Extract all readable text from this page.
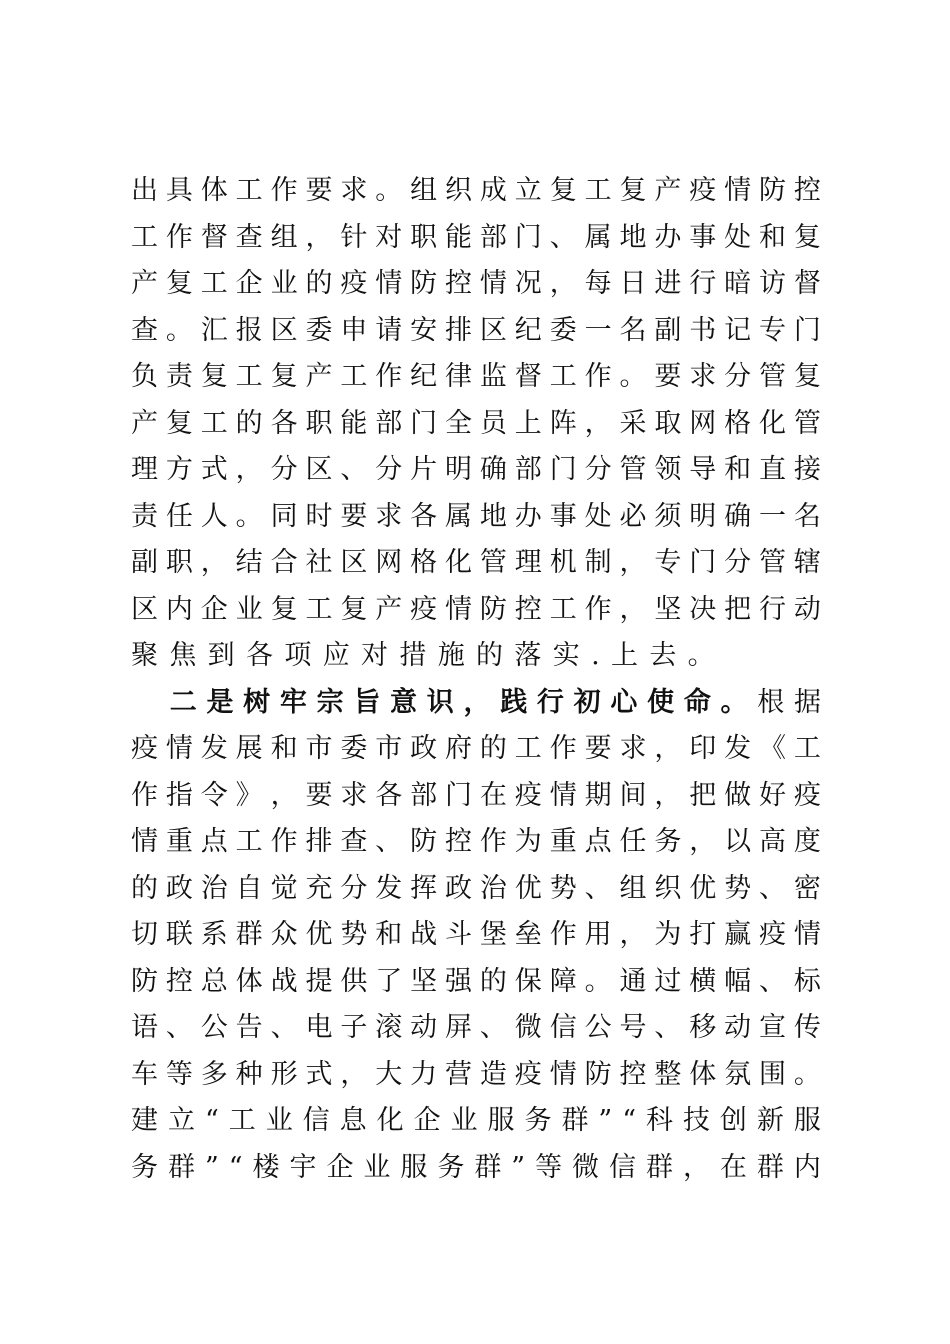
出 具 体 工 作 要 求 。 组 织 成 立 复 工 复 产 疫 情 防 控
工 作 督 查 组 ， 针 对 职 能 部 门 、 属 地 办 事 处 和 复
产 复 工 企 业 的 疫 情 防 控 情 况 ， 每 日 进 行 暗 访 督
查 。 汇 报 区 委 申 请 安 排 区 纪 委 一 名 副 书 记 专 门
负 责 复 工 复 产 工 作 纪 律 监 督 工 作 。 要 求 分 管 复
产 复 工 的 各 职 能 部 门 全 员 上 阵 ， 采 取 网 格 化 管
理 方 式 ， 分 区 、 分 片 明 确 部 门 分 管 领 导 和 直 接
责 任 人 。 同 时 要 求 各 属 地 办 事 处 必 须 明 确 一 名
副 职 ， 结 合 社 区 网 格 化 管 理 机 制 ， 专 门 分 管 辖
区 内 企 业 复 工 复 产 疫 情 防 控 工 作 ， 坚 决 把 行 动
聚焦到各项应对措施的落实.上去。
二是树牢宗旨意识，践行初心使命。 根据
疫 情 发 展 和 市 委 市 政 府 的 工 作 要 求 ， 印 发 《 工
作 指 令 》 ， 要 求 各 部 门 在 疫 情 期 间 ， 把 做 好 疫
情 重 点 工 作 排 查 、 防 控 作 为 重 点 任 务 ， 以 高 度
的 政 治 自 觉 充 分 发 挥 政 治 优 势 、 组 织 优 势 、 密
切 联 系 群 众 优 势 和 战 斗 堡 垒 作 用 ， 为 打 赢 疫 情
防 控 总 体 战 提 供 了 坚 强 的 保 障 。 通 过 横 幅 、 标
语 、 公 告 、 电 子 滚 动 屏 、 微 信 公 号 、 移 动 宣 传
车 等 多 种 形 式 ， 大 力 营 造 疫 情 防 控 整 体 氛 围 。
建 立 “ 工 业 信 息 化 企 业 服 务 群 ” “ 科 技 创 新 服
务 群 ” “ 楼 宇 企 业 服 务 群 ” 等 微 信 群 ， 在 群 内
